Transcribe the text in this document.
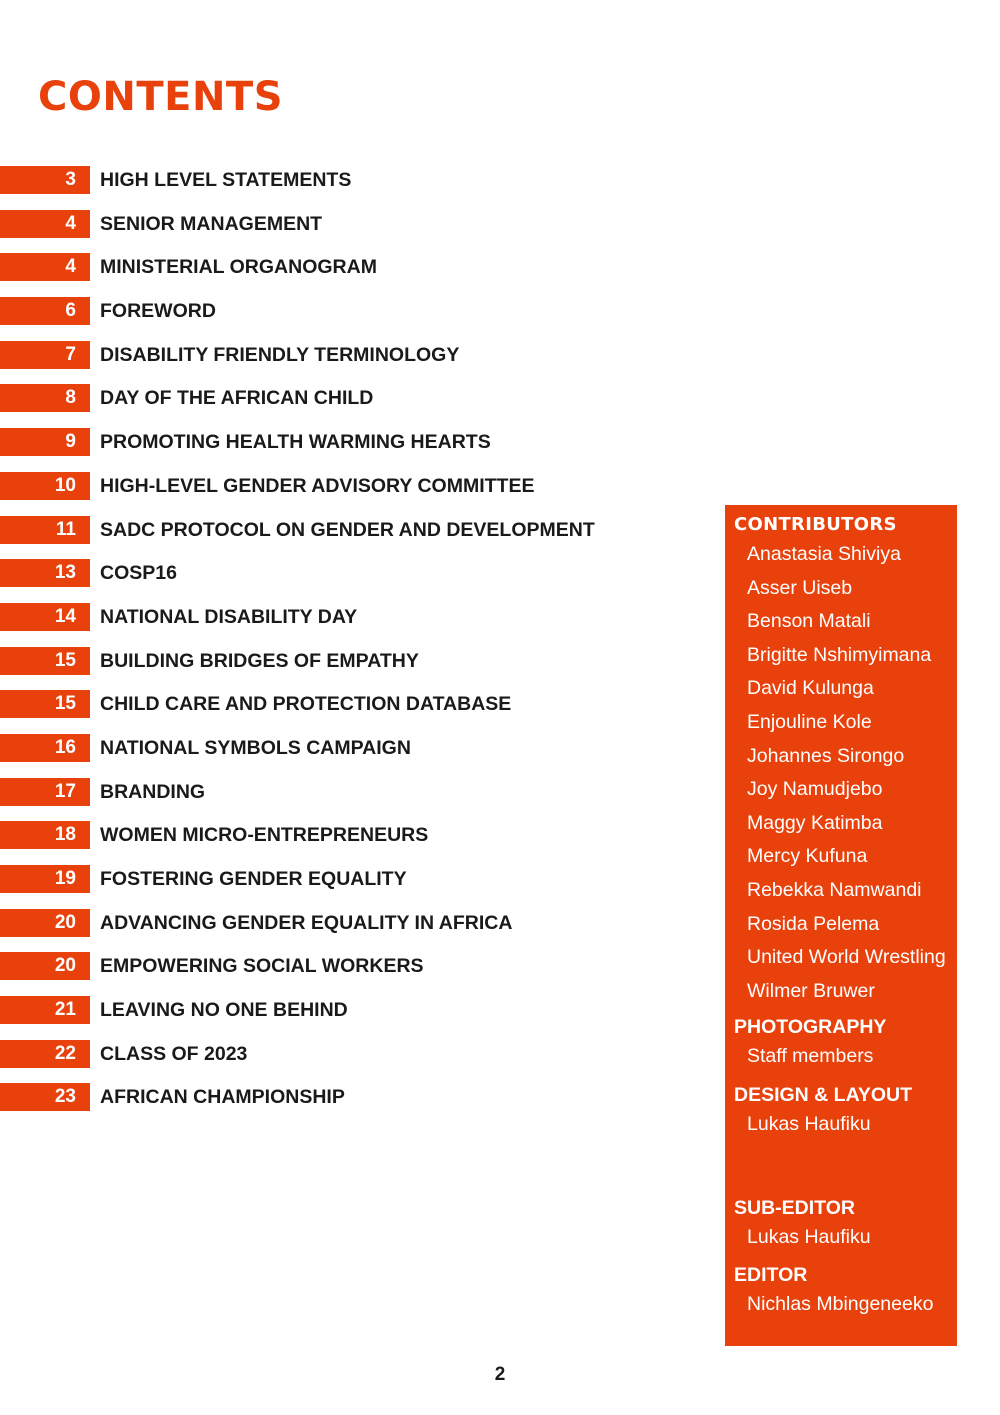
CONTENTS
3	HIGH LEVEL STATEMENTS
4	SENIOR MANAGEMENT
4	MINISTERIAL ORGANOGRAM
6	FOREWORD
7	DISABILITY FRIENDLY TERMINOLOGY
8	DAY OF THE AFRICAN CHILD
9	PROMOTING HEALTH WARMING HEARTS
10	HIGH-LEVEL GENDER ADVISORY COMMITTEE
11	SADC PROTOCOL ON GENDER AND DEVELOPMENT
13	COSP16
14	NATIONAL DISABILITY DAY
15	BUILDING BRIDGES OF EMPATHY
15	CHILD CARE AND PROTECTION DATABASE
16	NATIONAL SYMBOLS CAMPAIGN
17	BRANDING
18	WOMEN MICRO-ENTREPRENEURS
19	FOSTERING GENDER EQUALITY
20	ADVANCING GENDER EQUALITY IN AFRICA
20	EMPOWERING SOCIAL WORKERS
21	LEAVING NO ONE BEHIND
22	CLASS OF 2023
23	AFRICAN CHAMPIONSHIP
CONTRIBUTORS
Anastasia Shiviya
Asser Uiseb
Benson Matali
Brigitte Nshimyimana
David Kulunga
Enjouline Kole
Johannes Sirongo
Joy Namudjebo
Maggy Katimba
Mercy Kufuna
Rebekka Namwandi
Rosida Pelema
United World Wrestling
Wilmer Bruwer
PHOTOGRAPHY
Staff members
DESIGN & LAYOUT
Lukas Haufiku
SUB-EDITOR
Lukas Haufiku
EDITOR
Nichlas Mbingeneeko
2
